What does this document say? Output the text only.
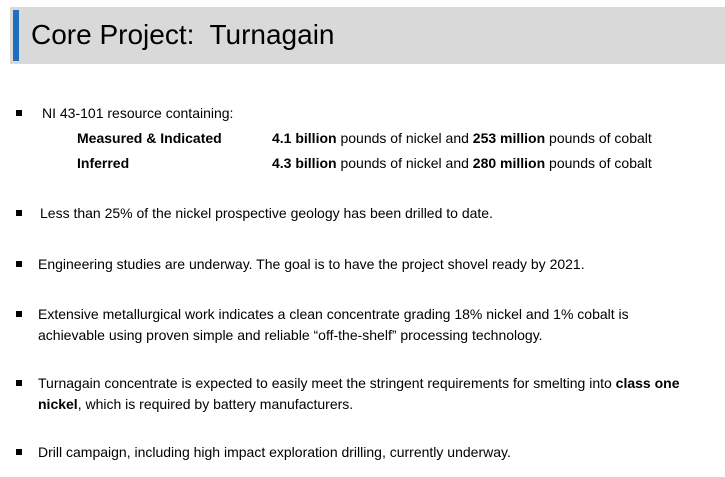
Core Project:  Turnagain
NI 43-101 resource containing:
Measured & Indicated	4.1 billion pounds of nickel and 253 million pounds of cobalt
Inferred	4.3 billion pounds of nickel and 280 million pounds of cobalt
Less than 25% of the nickel prospective geology has been drilled to date.
Engineering studies are underway. The goal is to have the project shovel ready by 2021.
Extensive metallurgical work indicates a clean concentrate grading 18% nickel and 1% cobalt is
achievable using proven simple and reliable “off-the-shelf” processing technology.
Turnagain concentrate is expected to easily meet the stringent requirements for smelting into class one
nickel, which is required by battery manufacturers.
Drill campaign, including high impact exploration drilling, currently underway.
